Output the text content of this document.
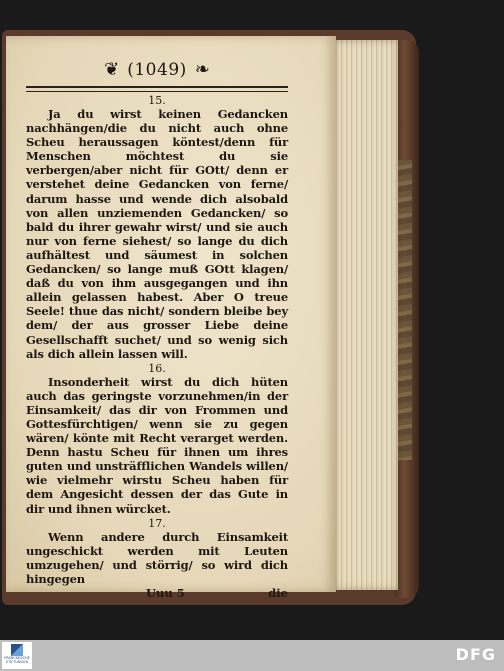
❦ (1049) ❧
15.

Ja du wirst keinen Gedancken nachhängen/die du nicht auch ohne Scheu heraussagen köntest/denn für Menschen möchtest du sie verbergen/aber nicht für GOtt/ denn er verstehet deine Gedancken von ferne/ darum hasse und wende dich alsobald von allen unziemenden Gedancken/ so bald du ihrer gewahr wirst/ und sie auch nur von ferne siehest/ so lange du dich aufhältest und säumest in solchen Gedancken/ so lange muß GOtt klagen/ daß du von ihm ausgegangen und ihn allein gelassen habest. Aber O treue Seele! thue das nicht/ sondern bleibe bey dem/ der aus grosser Liebe deine Gesellschafft suchet/ und so wenig sich als dich allein lassen will.

16.

Insonderheit wirst du dich hüten auch das geringste vorzunehmen/in der Einsamkeit/ das dir von Frommen und Gottesfürchtigen/ wenn sie zu gegen wären/ könte mit Recht verarget werden. Denn hastu Scheu für ihnen um ihres guten und unsträfflichen Wandels willen/ wie vielmehr wirstu Scheu haben für dem Angesicht dessen der das Gute in dir und ihnen würcket.

17.

Wenn andere durch Einsamkeit ungeschickt werden mit Leuten umzugehen/ und störrig/ so wird dich hingegen

Uuu 5	die
FRANCKESCHE STIFTUNGEN	DFG
